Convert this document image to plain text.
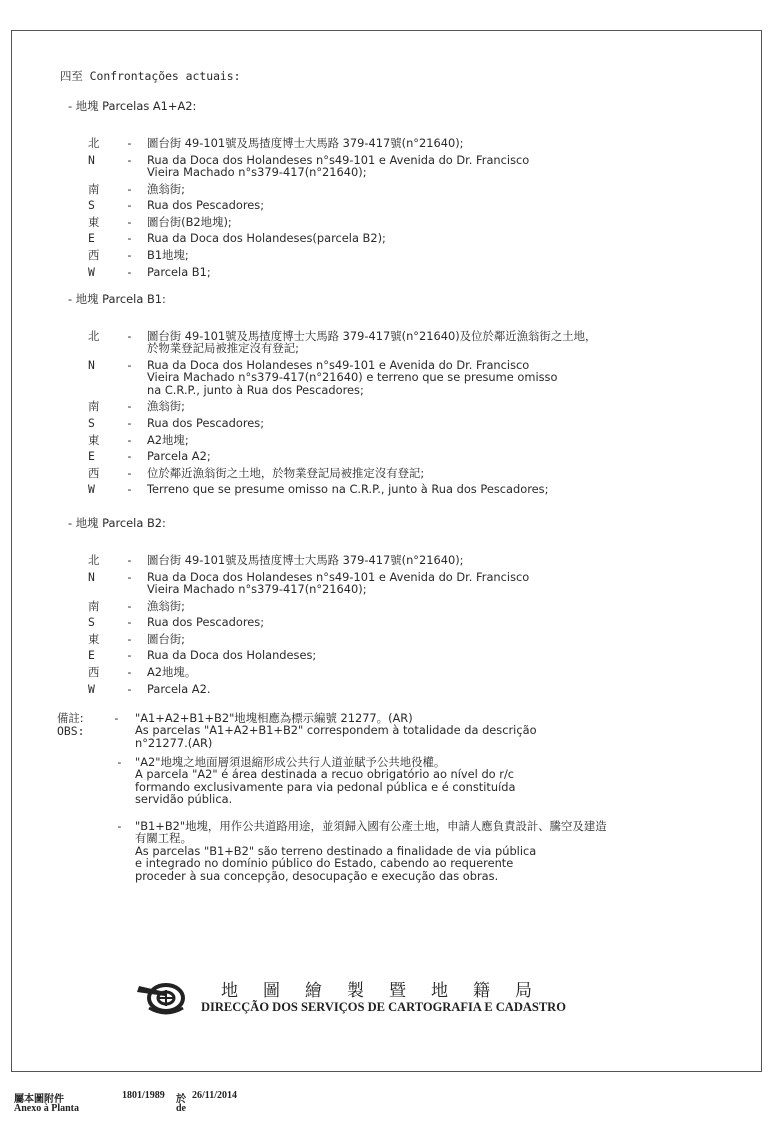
四至 Confrontações actuais:
- 地塊 Parcelas A1+A2:
北 - 圖台街 49-101號及馬揸度博士大馬路 379-417號(n°21640);
N	- Rua da Doca dos Holandeses n°s49-101 e Avenida do Dr. Francisco
Vieira Machado n°s379-417(n°21640);
南 - 漁翁街;
S	- Rua dos Pescadores;
東 - 圖台街(B2地塊);
E	- Rua da Doca dos Holandeses(parcela B2);
西 - B1地塊;
W	- Parcela B1;
- 地塊 Parcela B1:
北 - 圖台街 49-101號及馬揸度博士大馬路 379-417號(n°21640)及位於鄰近漁翁街之土地，
於物業登記局被推定沒有登記;
N	- Rua da Doca dos Holandeses n°s49-101 e Avenida do Dr. Francisco
Vieira Machado n°s379-417(n°21640) e terreno que se presume omisso
na C.R.P., junto à Rua dos Pescadores;
南 - 漁翁街;
S	- Rua dos Pescadores;
東 - A2地塊;
E	- Parcela A2;
西 - 位於鄰近漁翁街之土地，於物業登記局被推定沒有登記;
W	- Terreno que se presume omisso na C.R.P., junto à Rua dos Pescadores;
- 地塊 Parcela B2:
北 - 圖台街 49-101號及馬揸度博士大馬路 379-417號(n°21640);
N	- Rua da Doca dos Holandeses n°s49-101 e Avenida do Dr. Francisco
Vieira Machado n°s379-417(n°21640);
南 - 漁翁街;
S	- Rua dos Pescadores;
東 - 圖台街;
E	- Rua da Doca dos Holandeses;
西 - A2地塊。
W	- Parcela A2.
備註:
OBS:
- "A1+A2+B1+B2"地塊相應為標示編號 21277。(AR)
As parcelas "A1+A2+B1+B2" correspondem à totalidade da descrição
n°21277.(AR)
- "A2"地塊之地面層須退縮形成公共行人道並賦予公共地役權。
A parcela "A2" é área destinada a recuo obrigatório ao nível do r/c
formando exclusivamente para via pedonal pública e é constituída
servidão pública.
- "B1+B2"地塊，用作公共道路用途，並須歸入國有公產土地，申請人應負責設計、騰空及建造
有關工程。
As parcelas "B1+B2" são terreno destinado a finalidade de via pública
e integrado no domínio público do Estado, cabendo ao requerente
proceder à sua concepção, desocupação e execução das obras.
地圖繪製暨地籍局
DIRECÇÃO DOS SERVIÇOS DE CARTOGRAFIA E CADASTRO
屬本圖附件	1801/1989 於 26/11/2014
Anexo à Planta	de
